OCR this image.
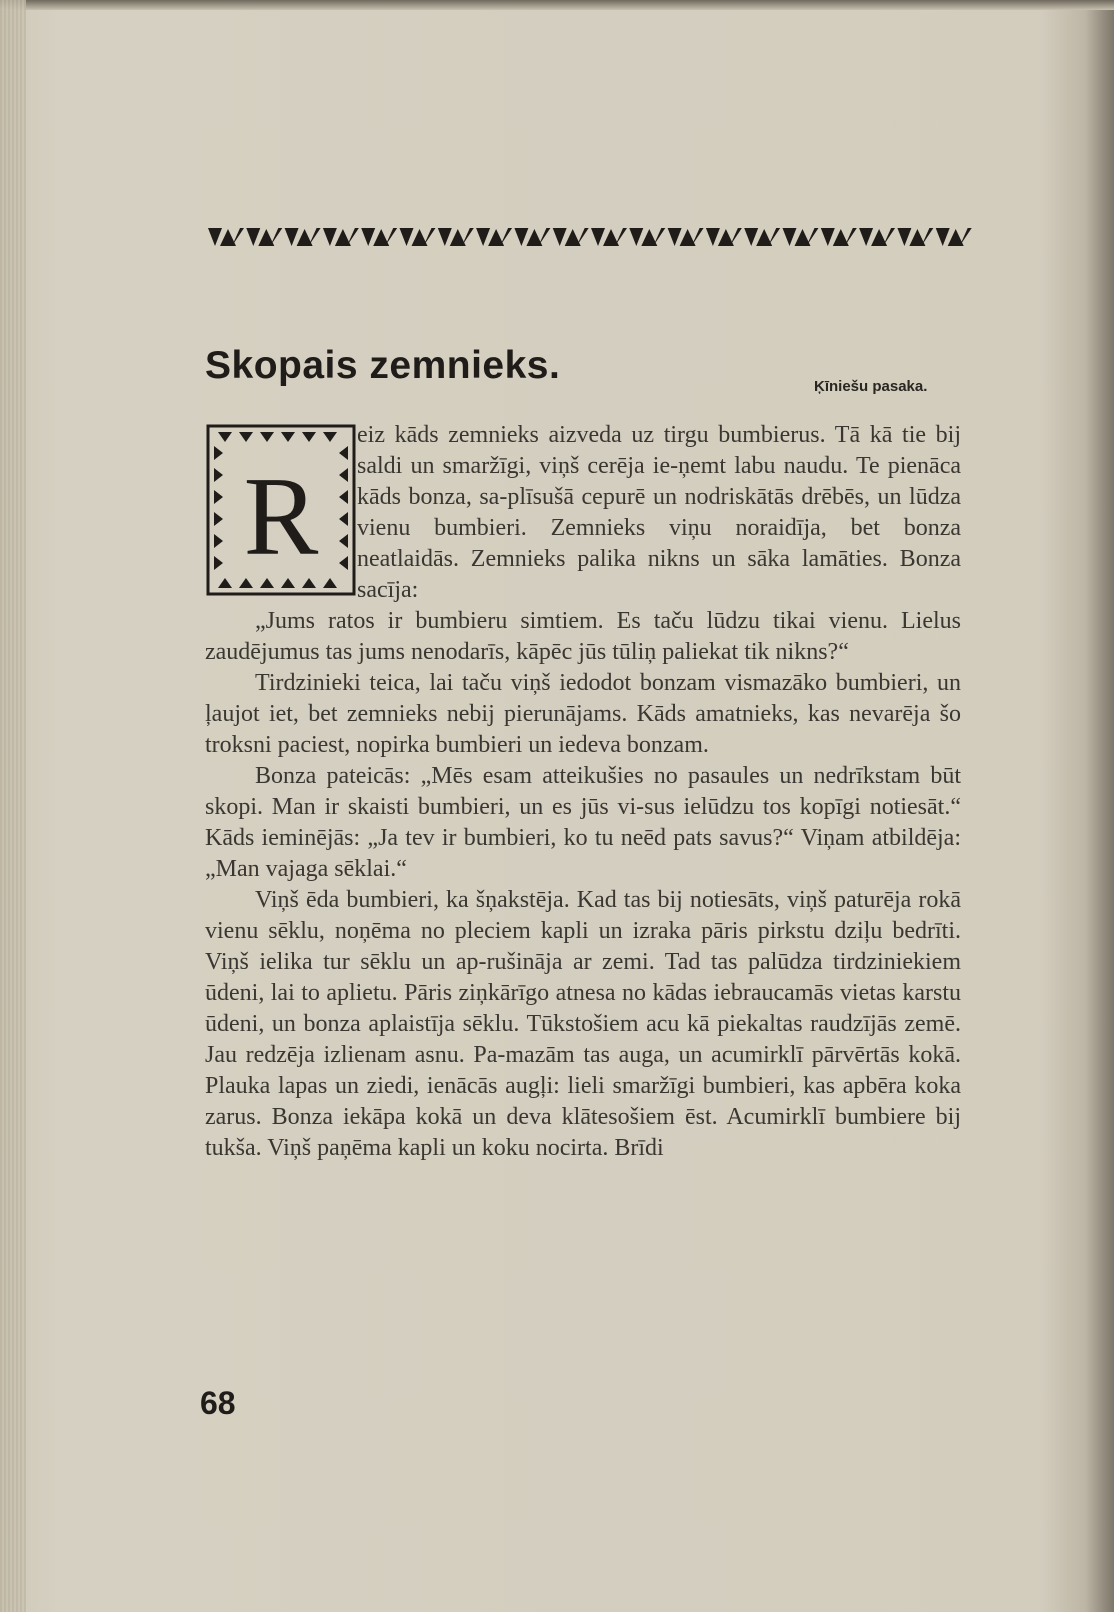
Skopais zemnieks.	Ķīniešu pasaka.
R

eiz kāds zemnieks aizveda uz tirgu bumbierus. Tā kā tie bij saldi un smaržīgi, viņš cerēja ie-ņemt labu naudu. Te pienāca kāds bonza, sa-plīsušā cepurē un nodriskātās drēbēs, un lūdza vienu bumbieri. Zemnieks viņu noraidīja, bet bonza neatlaidās. Zemnieks palika nikns un sāka lamāties. Bonza sacīja:

„Jums ratos ir bumbieru simtiem. Es taču lūdzu tikai vienu. Lielus zaudējumus tas jums nenodarīs, kāpēc jūs tūliņ paliekat tik nikns?“

Tirdzinieki teica, lai taču viņš iedodot bonzam vismazāko bumbieri, un ļaujot iet, bet zemnieks nebij pierunājams. Kāds amatnieks, kas nevarēja šo troksni paciest, nopirka bumbieri un iedeva bonzam.

Bonza pateicās: „Mēs esam atteikušies no pasaules un nedrīkstam būt skopi. Man ir skaisti bumbieri, un es jūs vi-sus ielūdzu tos kopīgi notiesāt.“ Kāds ieminējās: „Ja tev ir bumbieri, ko tu neēd pats savus?“ Viņam atbildēja: „Man vajaga sēklai.“

Viņš ēda bumbieri, ka šņakstēja. Kad tas bij notiesāts, viņš paturēja rokā vienu sēklu, noņēma no pleciem kapli un izraka pāris pirkstu dziļu bedrīti. Viņš ielika tur sēklu un ap-rušināja ar zemi. Tad tas palūdza tirdziniekiem ūdeni, lai to aplietu. Pāris ziņkārīgo atnesa no kādas iebraucamās vietas karstu ūdeni, un bonza aplaistīja sēklu. Tūkstošiem acu kā piekaltas raudzījās zemē. Jau redzēja izlienam asnu. Pa-mazām tas auga, un acumirklī pārvērtās kokā. Plauka lapas un ziedi, ienācās augļi: lieli smaržīgi bumbieri, kas apbēra koka zarus. Bonza iekāpa kokā un deva klātesošiem ēst. Acumirklī bumbiere bij tukša. Viņš paņēma kapli un koku nocirta. Brīdi

68
